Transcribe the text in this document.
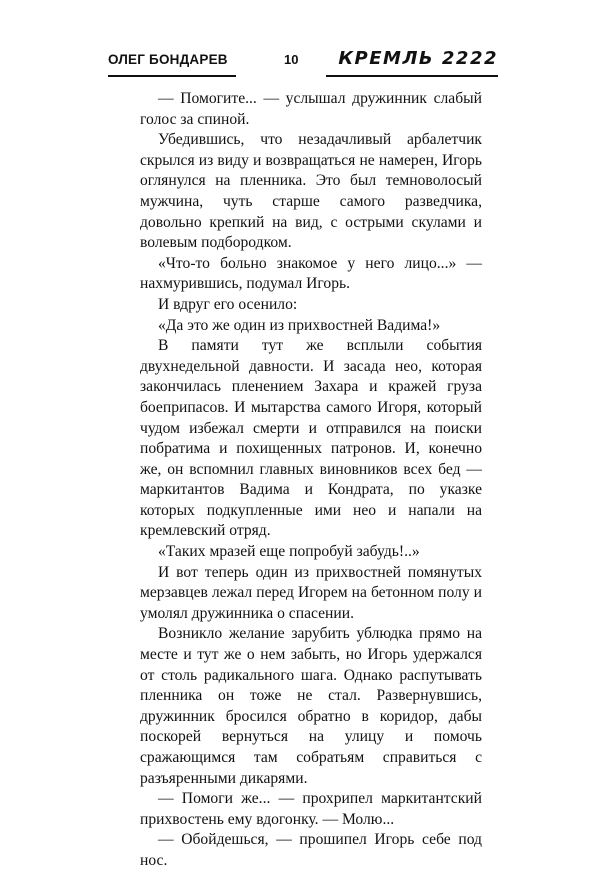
ОЛЕГ БОНДАРЕВ	10 КРЕМЛЬ 2222

— Помогите... — услышал дружинник слабый голос за спиной.

Убедившись, что незадачливый арбалетчик скрылся из виду и возвращаться не намерен, Игорь оглянулся на пленника. Это был темноволосый мужчина, чуть старше самого разведчика, довольно крепкий на вид, с острыми скулами и волевым подбородком.

«Что-то больно знакомое у него лицо...» — нахмурившись, подумал Игорь.

И вдруг его осенило:

«Да это же один из прихвостней Вадима!»

В памяти тут же всплыли события двухнедельной давности. И засада нео, которая закончилась пленением Захара и кражей груза боеприпасов. И мытарства самого Игоря, который чудом избежал смерти и отправился на поиски побратима и похищенных патронов. И, конечно же, он вспомнил главных виновников всех бед — маркитантов Вадима и Кондрата, по указке которых подкупленные ими нео и напали на кремлевский отряд.

«Таких мразей еще попробуй забудь!..»

И вот теперь один из прихвостней помянутых мерзавцев лежал перед Игорем на бетонном полу и умолял дружинника о спасении.

Возникло желание зарубить ублюдка прямо на месте и тут же о нем забыть, но Игорь удержался от столь радикального шага. Однако распутывать пленника он тоже не стал. Развернувшись, дружинник бросился обратно в коридор, дабы поскорей вернуться на улицу и помочь сражающимся там собратьям справиться с разъяренными дикарями.

— Помоги же... — прохрипел маркитантский прихвостень ему вдогонку. — Молю...

— Обойдешься, — прошипел Игорь себе под нос.
